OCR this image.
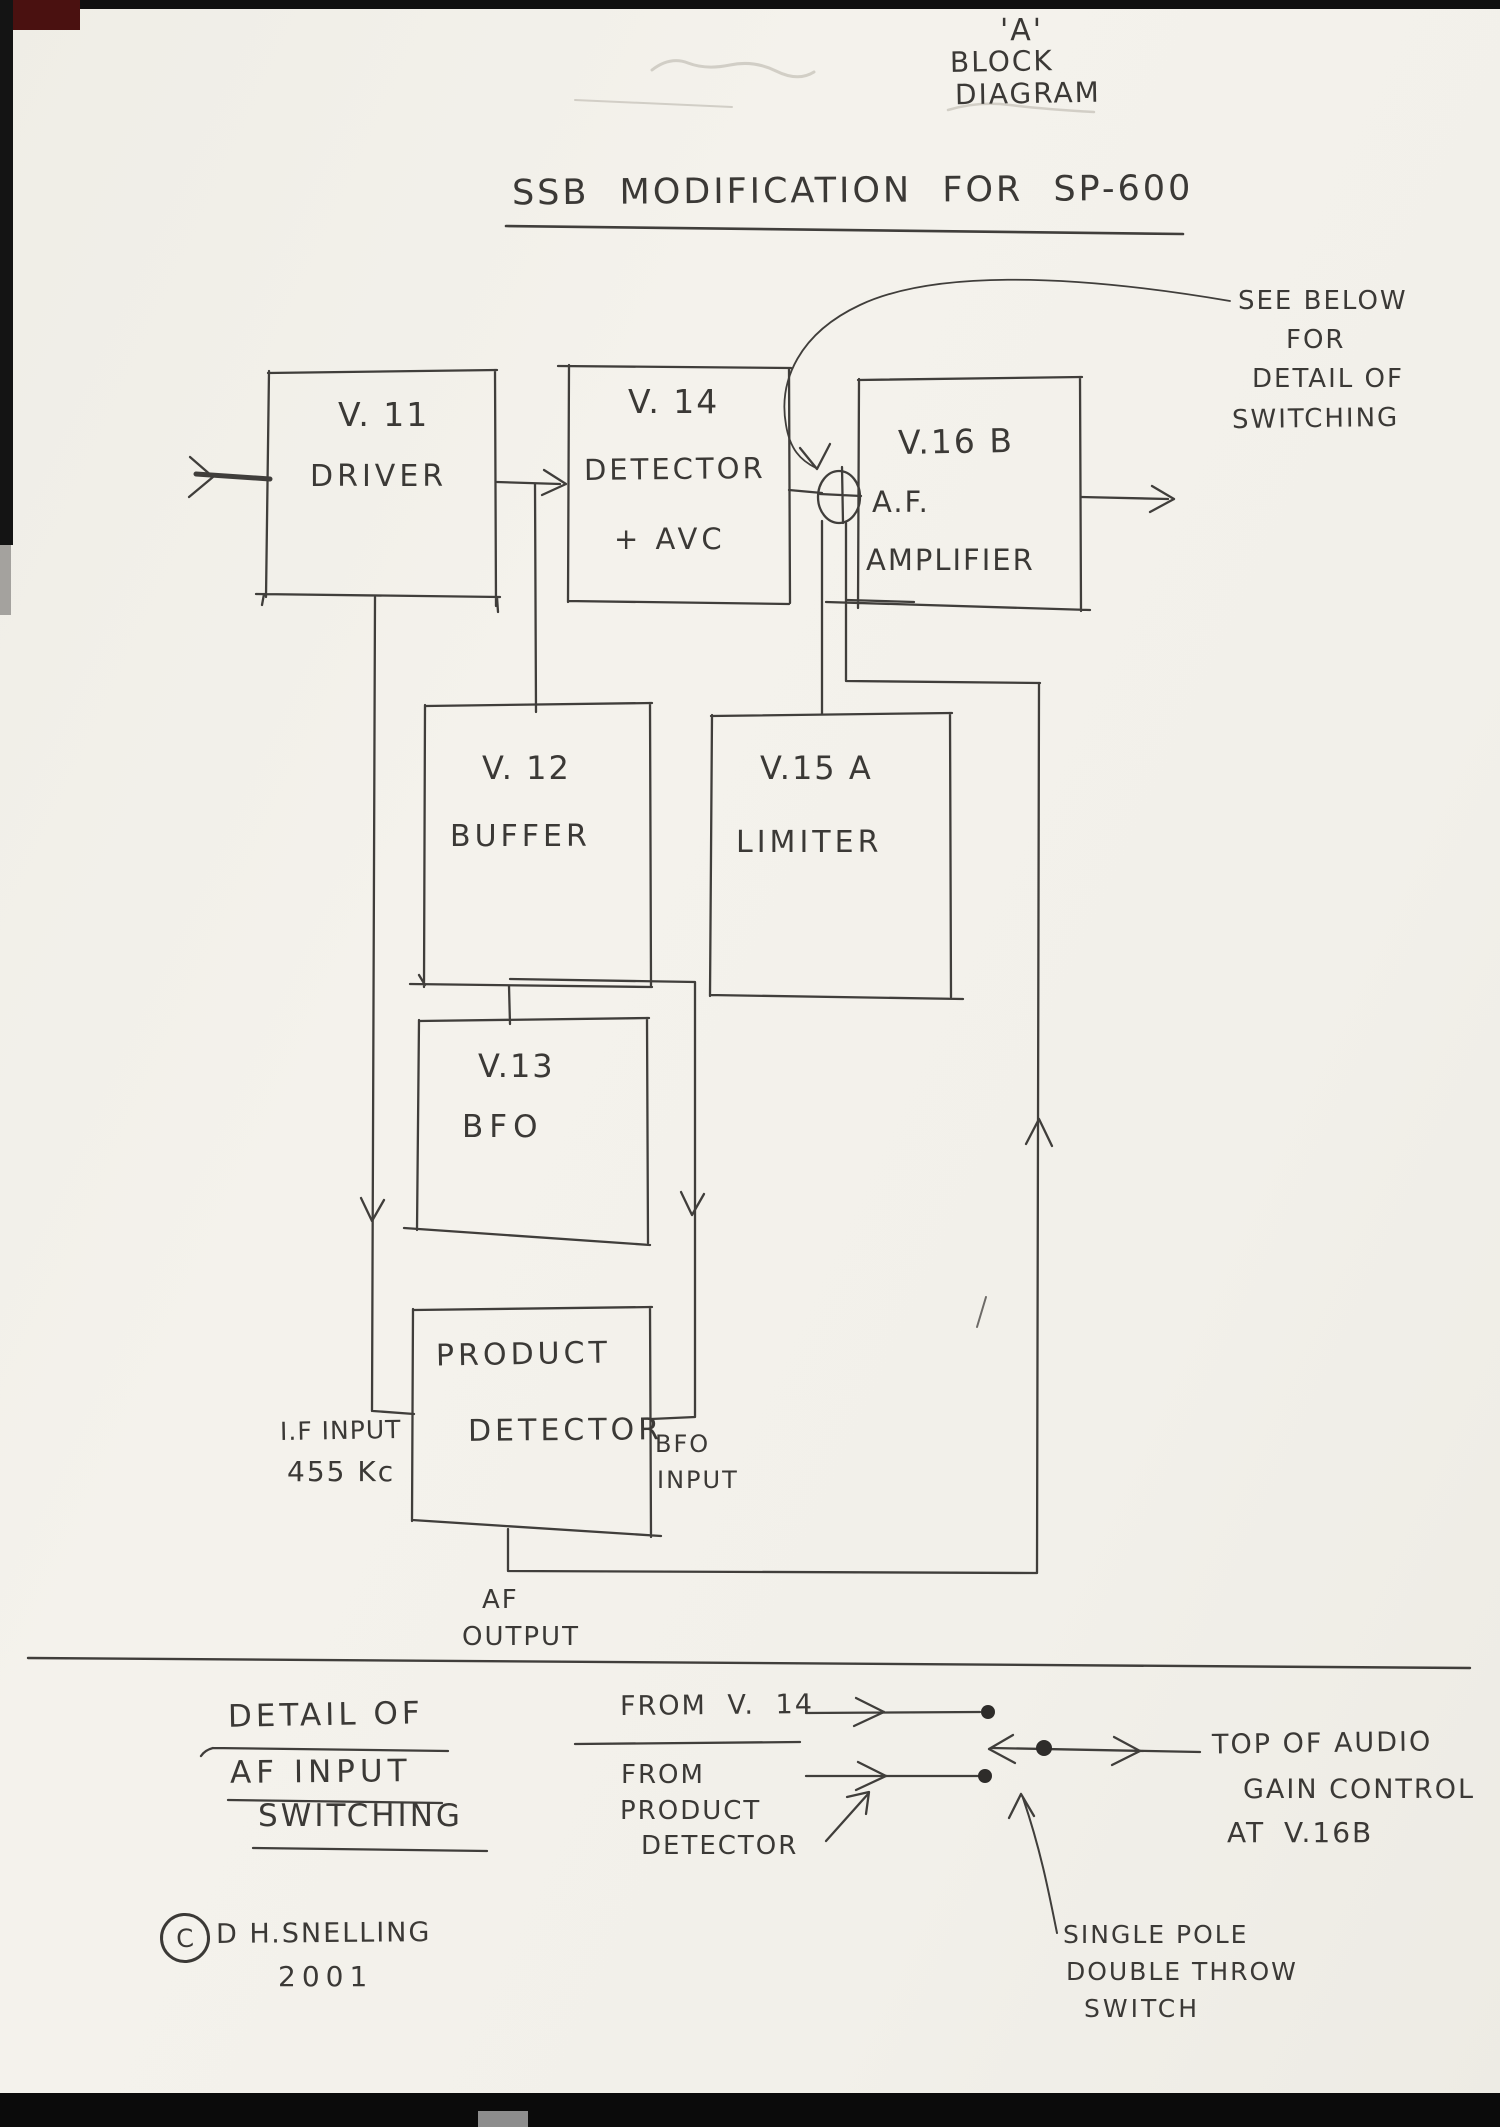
'A'
BLOCK
DIAGRAM
SSB MODIFICATION FOR SP-600
V. 11
DRIVER
V. 14
DETECTOR
+ AVC
V.16 B
A.F.
AMPLIFIER
V. 12
BUFFER
V.15 A
LIMITER
V.13
BFO
PRODUCT
DETECTOR
SEE BELOW
FOR
DETAIL OF
SWITCHING
I.F INPUT
455 Kc
BFO
INPUT
AF
OUTPUT
DETAIL OF
AF INPUT
SWITCHING
FROM V. 14
FROM
PRODUCT
DETECTOR
TOP OF AUDIO
GAIN CONTROL
AT V.16B
SINGLE POLE
DOUBLE THROW
SWITCH
C D H.SNELLING
2001
